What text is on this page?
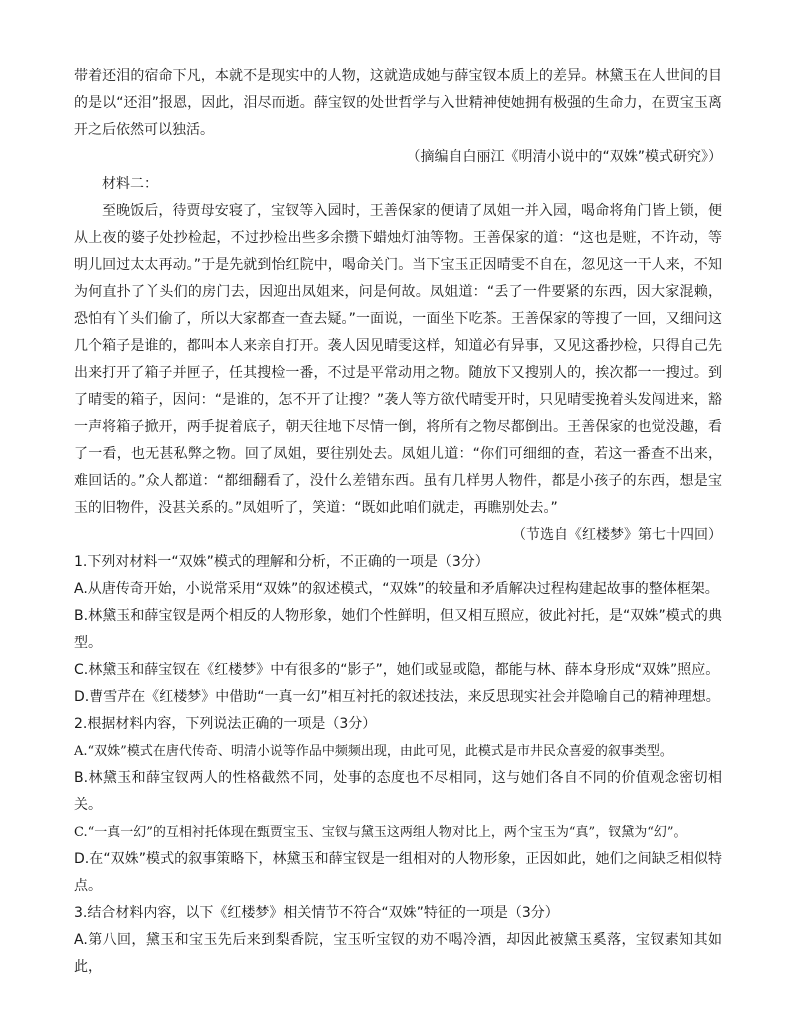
带着还泪的宿命下凡，本就不是现实中的人物，这就造成她与薛宝钗本质上的差异。林黛玉在人世间的目的是以“还泪”报恩，因此，泪尽而逝。薛宝钗的处世哲学与入世精神使她拥有极强的生命力，在贾宝玉离开之后依然可以独活。

（摘编自白丽江《明清小说中的“双姝”模式研究》）

材料二：

至晚饭后，待贾母安寝了，宝钗等入园时，王善保家的便请了凤姐一并入园，喝命将角门皆上锁，便从上夜的婆子处抄检起，不过抄检出些多余攒下蜡烛灯油等物。王善保家的道：“这也是赃，不许动，等明儿回过太太再动。”于是先就到怡红院中，喝命关门。当下宝玉正因晴雯不自在，忽见这一干人来，不知为何直扑了丫头们的房门去，因迎出凤姐来，问是何故。凤姐道：“丢了一件要紧的东西，因大家混赖，恐怕有丫头们偷了，所以大家都查一查去疑。”一面说，一面坐下吃茶。王善保家的等搜了一回，又细问这几个箱子是谁的，都叫本人来亲自打开。袭人因见晴雯这样，知道必有异事，又见这番抄检，只得自己先出来打开了箱子并匣子，任其搜检一番，不过是平常动用之物。随放下又搜别人的，挨次都一一搜过。到了晴雯的箱子，因问：“是谁的，怎不开了让搜？”袭人等方欲代晴雯开时，只见晴雯挽着头发闯进来，豁一声将箱子掀开，两手捉着底子，朝天往地下尽情一倒，将所有之物尽都倒出。王善保家的也觉没趣，看了一看，也无甚私弊之物。回了凤姐，要往别处去。凤姐儿道：“你们可细细的查，若这一番查不出来，难回话的。”众人都道：“都细翻看了，没什么差错东西。虽有几样男人物件，都是小孩子的东西，想是宝玉的旧物件，没甚关系的。”凤姐听了，笑道：“既如此咱们就走，再瞧别处去。”

（节选自《红楼梦》第七十四回）

1.下列对材料一“双姝”模式的理解和分析，不正确的一项是（3分）

A.从唐传奇开始，小说常采用“双姝”的叙述模式，“双姝”的较量和矛盾解决过程构建起故事的整体框架。

B.林黛玉和薛宝钗是两个相反的人物形象，她们个性鲜明，但又相互照应，彼此衬托，是“双姝”模式的典型。

C.林黛玉和薛宝钗在《红楼梦》中有很多的“影子”，她们或显或隐，都能与林、薛本身形成“双姝”照应。

D.曹雪芹在《红楼梦》中借助“一真一幻”相互衬托的叙述技法，来反思现实社会并隐喻自己的精神理想。

2.根据材料内容，下列说法正确的一项是（3分）

A.“双姝”模式在唐代传奇、明清小说等作品中频频出现，由此可见，此模式是市井民众喜爱的叙事类型。

B.林黛玉和薛宝钗两人的性格截然不同，处事的态度也不尽相同，这与她们各自不同的价值观念密切相关。

C.“一真一幻”的互相衬托体现在甄贾宝玉、宝钗与黛玉这两组人物对比上，两个宝玉为“真”，钗黛为“幻”。

D.在“双姝”模式的叙事策略下，林黛玉和薛宝钗是一组相对的人物形象，正因如此，她们之间缺乏相似特点。

3.结合材料内容，以下《红楼梦》相关情节不符合“双姝”特征的一项是（3分）

A.第八回，黛玉和宝玉先后来到梨香院，宝玉听宝钗的劝不喝冷酒，却因此被黛玉奚落，宝钗素知其如此，
